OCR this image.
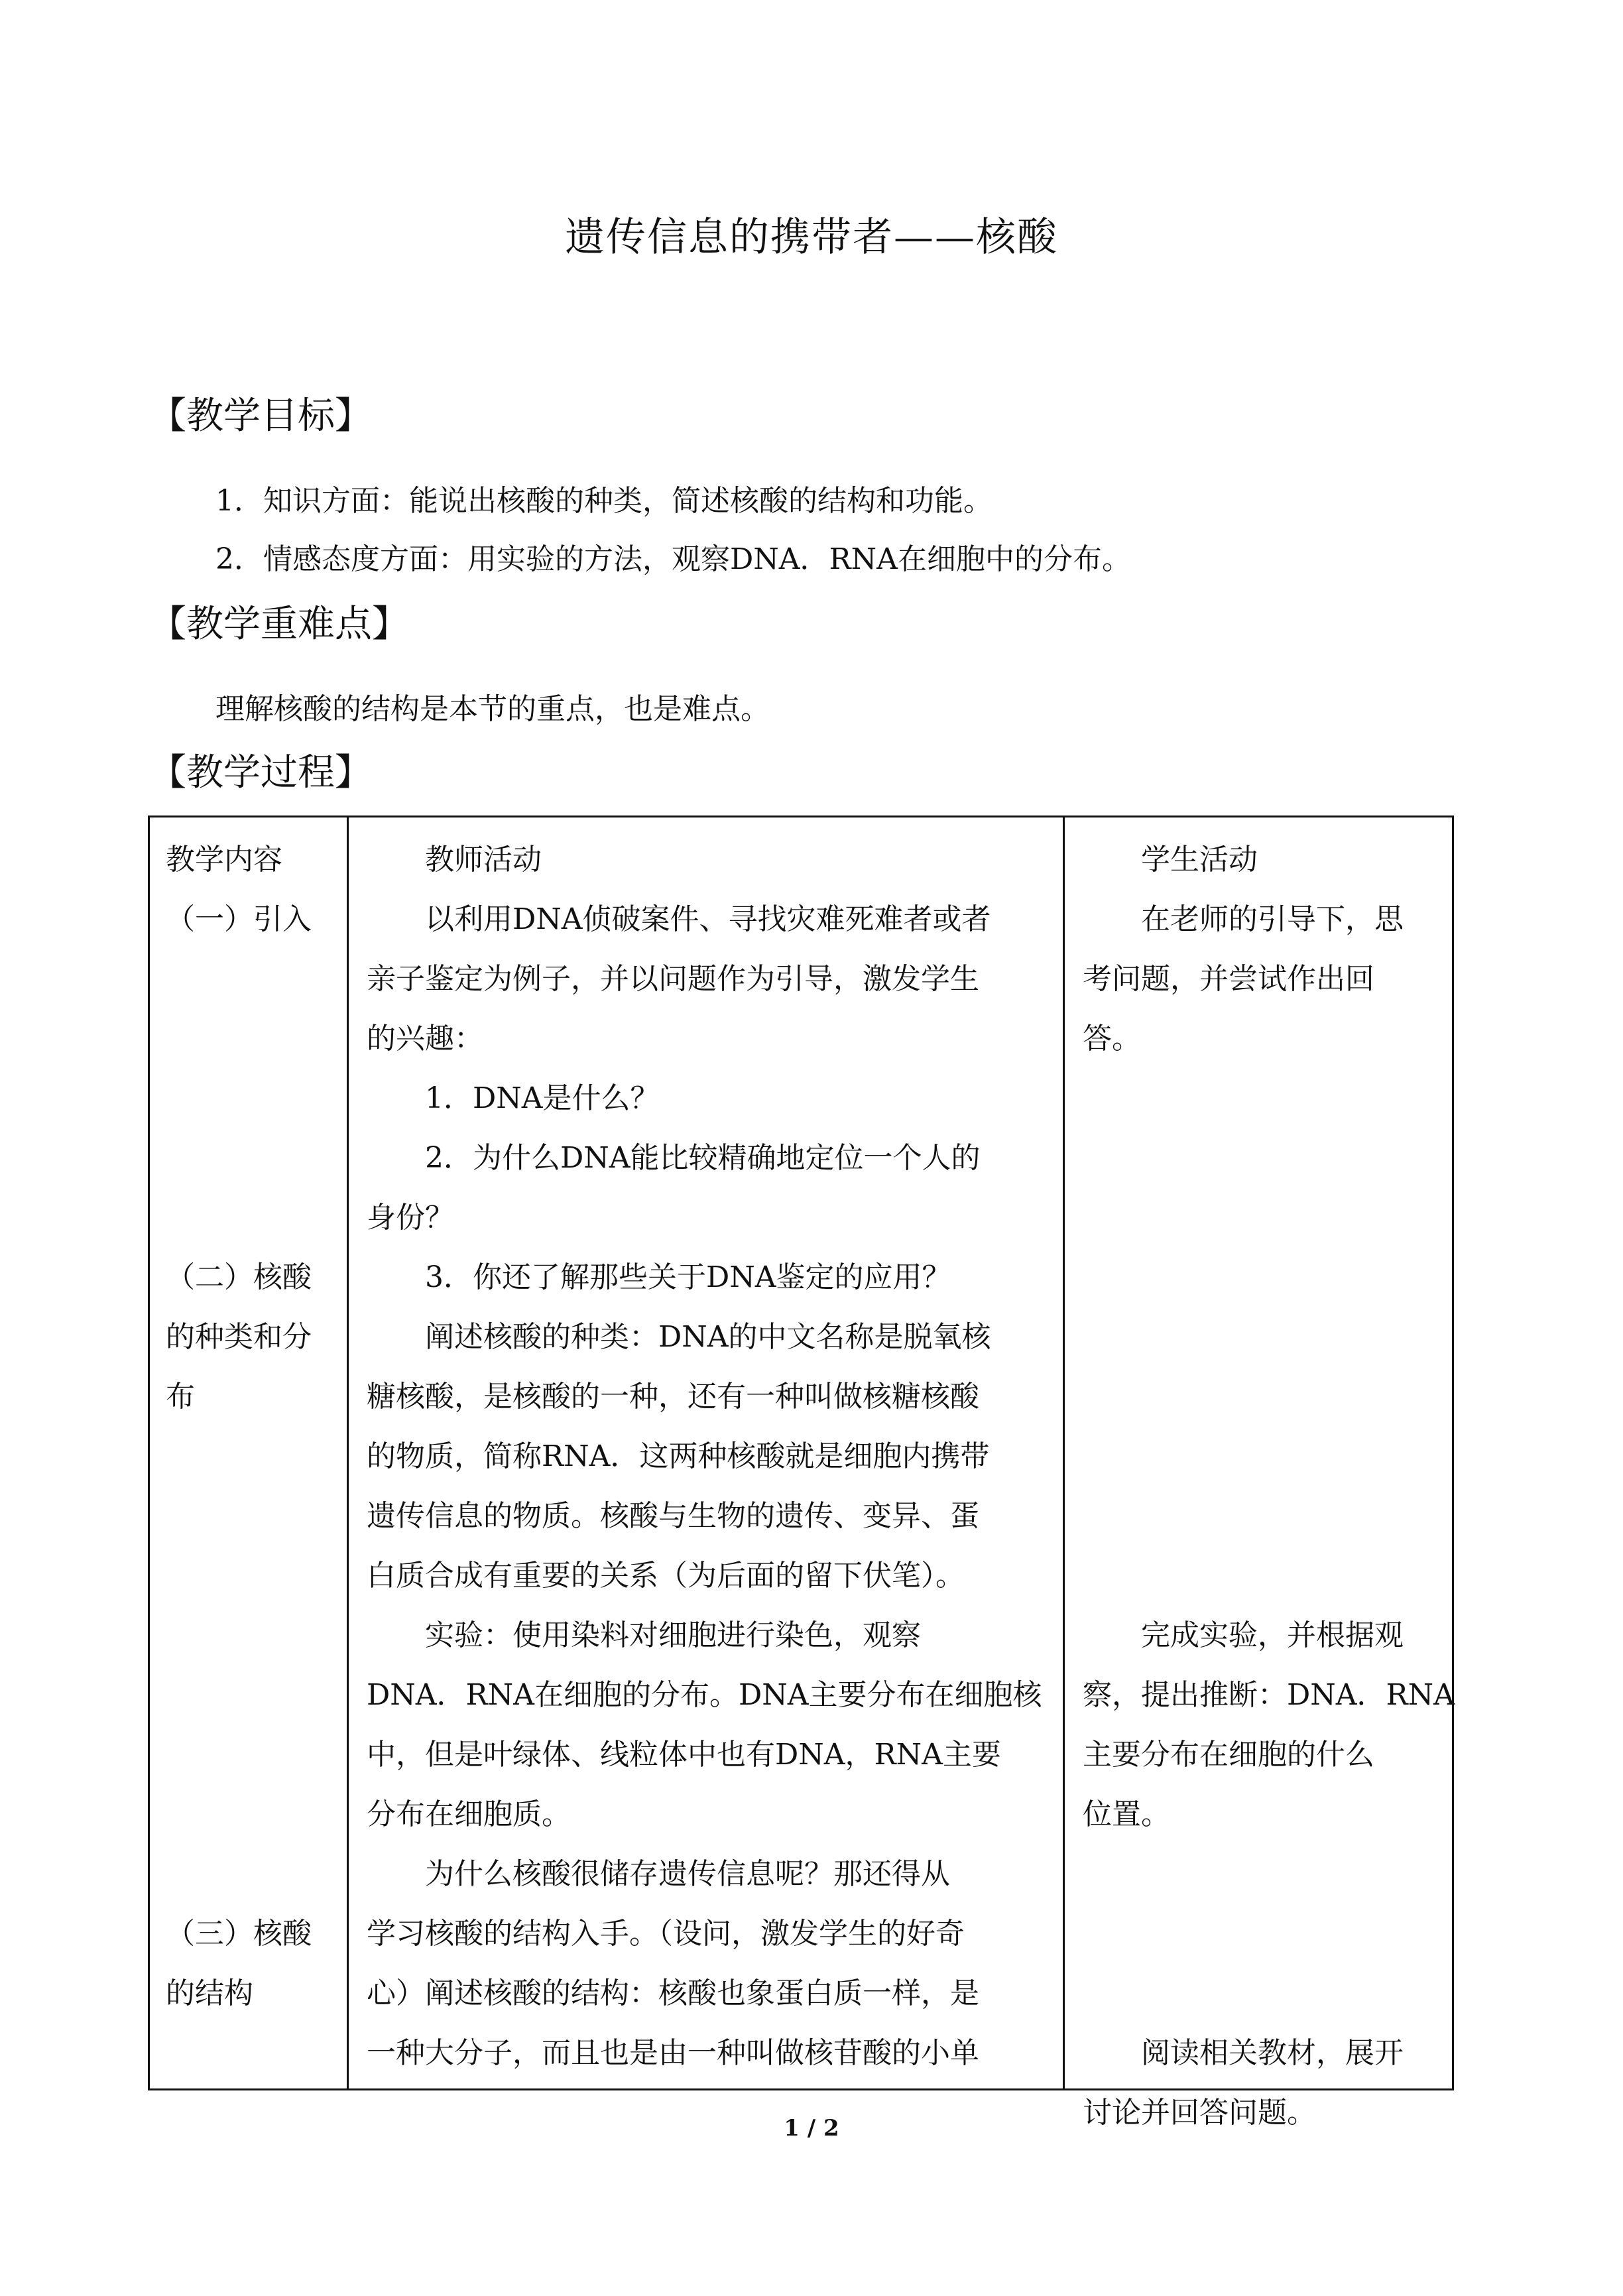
遗传信息的携带者——核酸
【教学目标】
1．知识方面：能说出核酸的种类，简述核酸的结构和功能。
2．情感态度方面：用实验的方法，观察DNA．RNA在细胞中的分布。
【教学重难点】
理解核酸的结构是本节的重点，也是难点。
【教学过程】
教学内容
（一）引入

（二）核酸
的种类和分
布

（三）核酸
的结构
教师活动
以利用DNA侦破案件、寻找灾难死难者或者
亲子鉴定为例子，并以问题作为引导，激发学生
的兴趣：
1．DNA是什么？
2．为什么DNA能比较精确地定位一个人的
身份？
3．你还了解那些关于DNA鉴定的应用？
阐述核酸的种类：DNA的中文名称是脱氧核
糖核酸，是核酸的一种，还有一种叫做核糖核酸
的物质，简称RNA．这两种核酸就是细胞内携带
遗传信息的物质。核酸与生物的遗传、变异、蛋
白质合成有重要的关系（为后面的留下伏笔）。
实验：使用染料对细胞进行染色，观察
DNA．RNA在细胞的分布。DNA主要分布在细胞核
中，但是叶绿体、线粒体中也有DNA，RNA主要
分布在细胞质。
为什么核酸很储存遗传信息呢？那还得从
学习核酸的结构入手。（设问，激发学生的好奇
心）阐述核酸的结构：核酸也象蛋白质一样，是
一种大分子，而且也是由一种叫做核苷酸的小单
学生活动
在老师的引导下，思
考问题，并尝试作出回
答。

完成实验，并根据观
察，提出推断：DNA．RNA
主要分布在细胞的什么
位置。

阅读相关教材，展开
讨论并回答问题。
1 / 2
